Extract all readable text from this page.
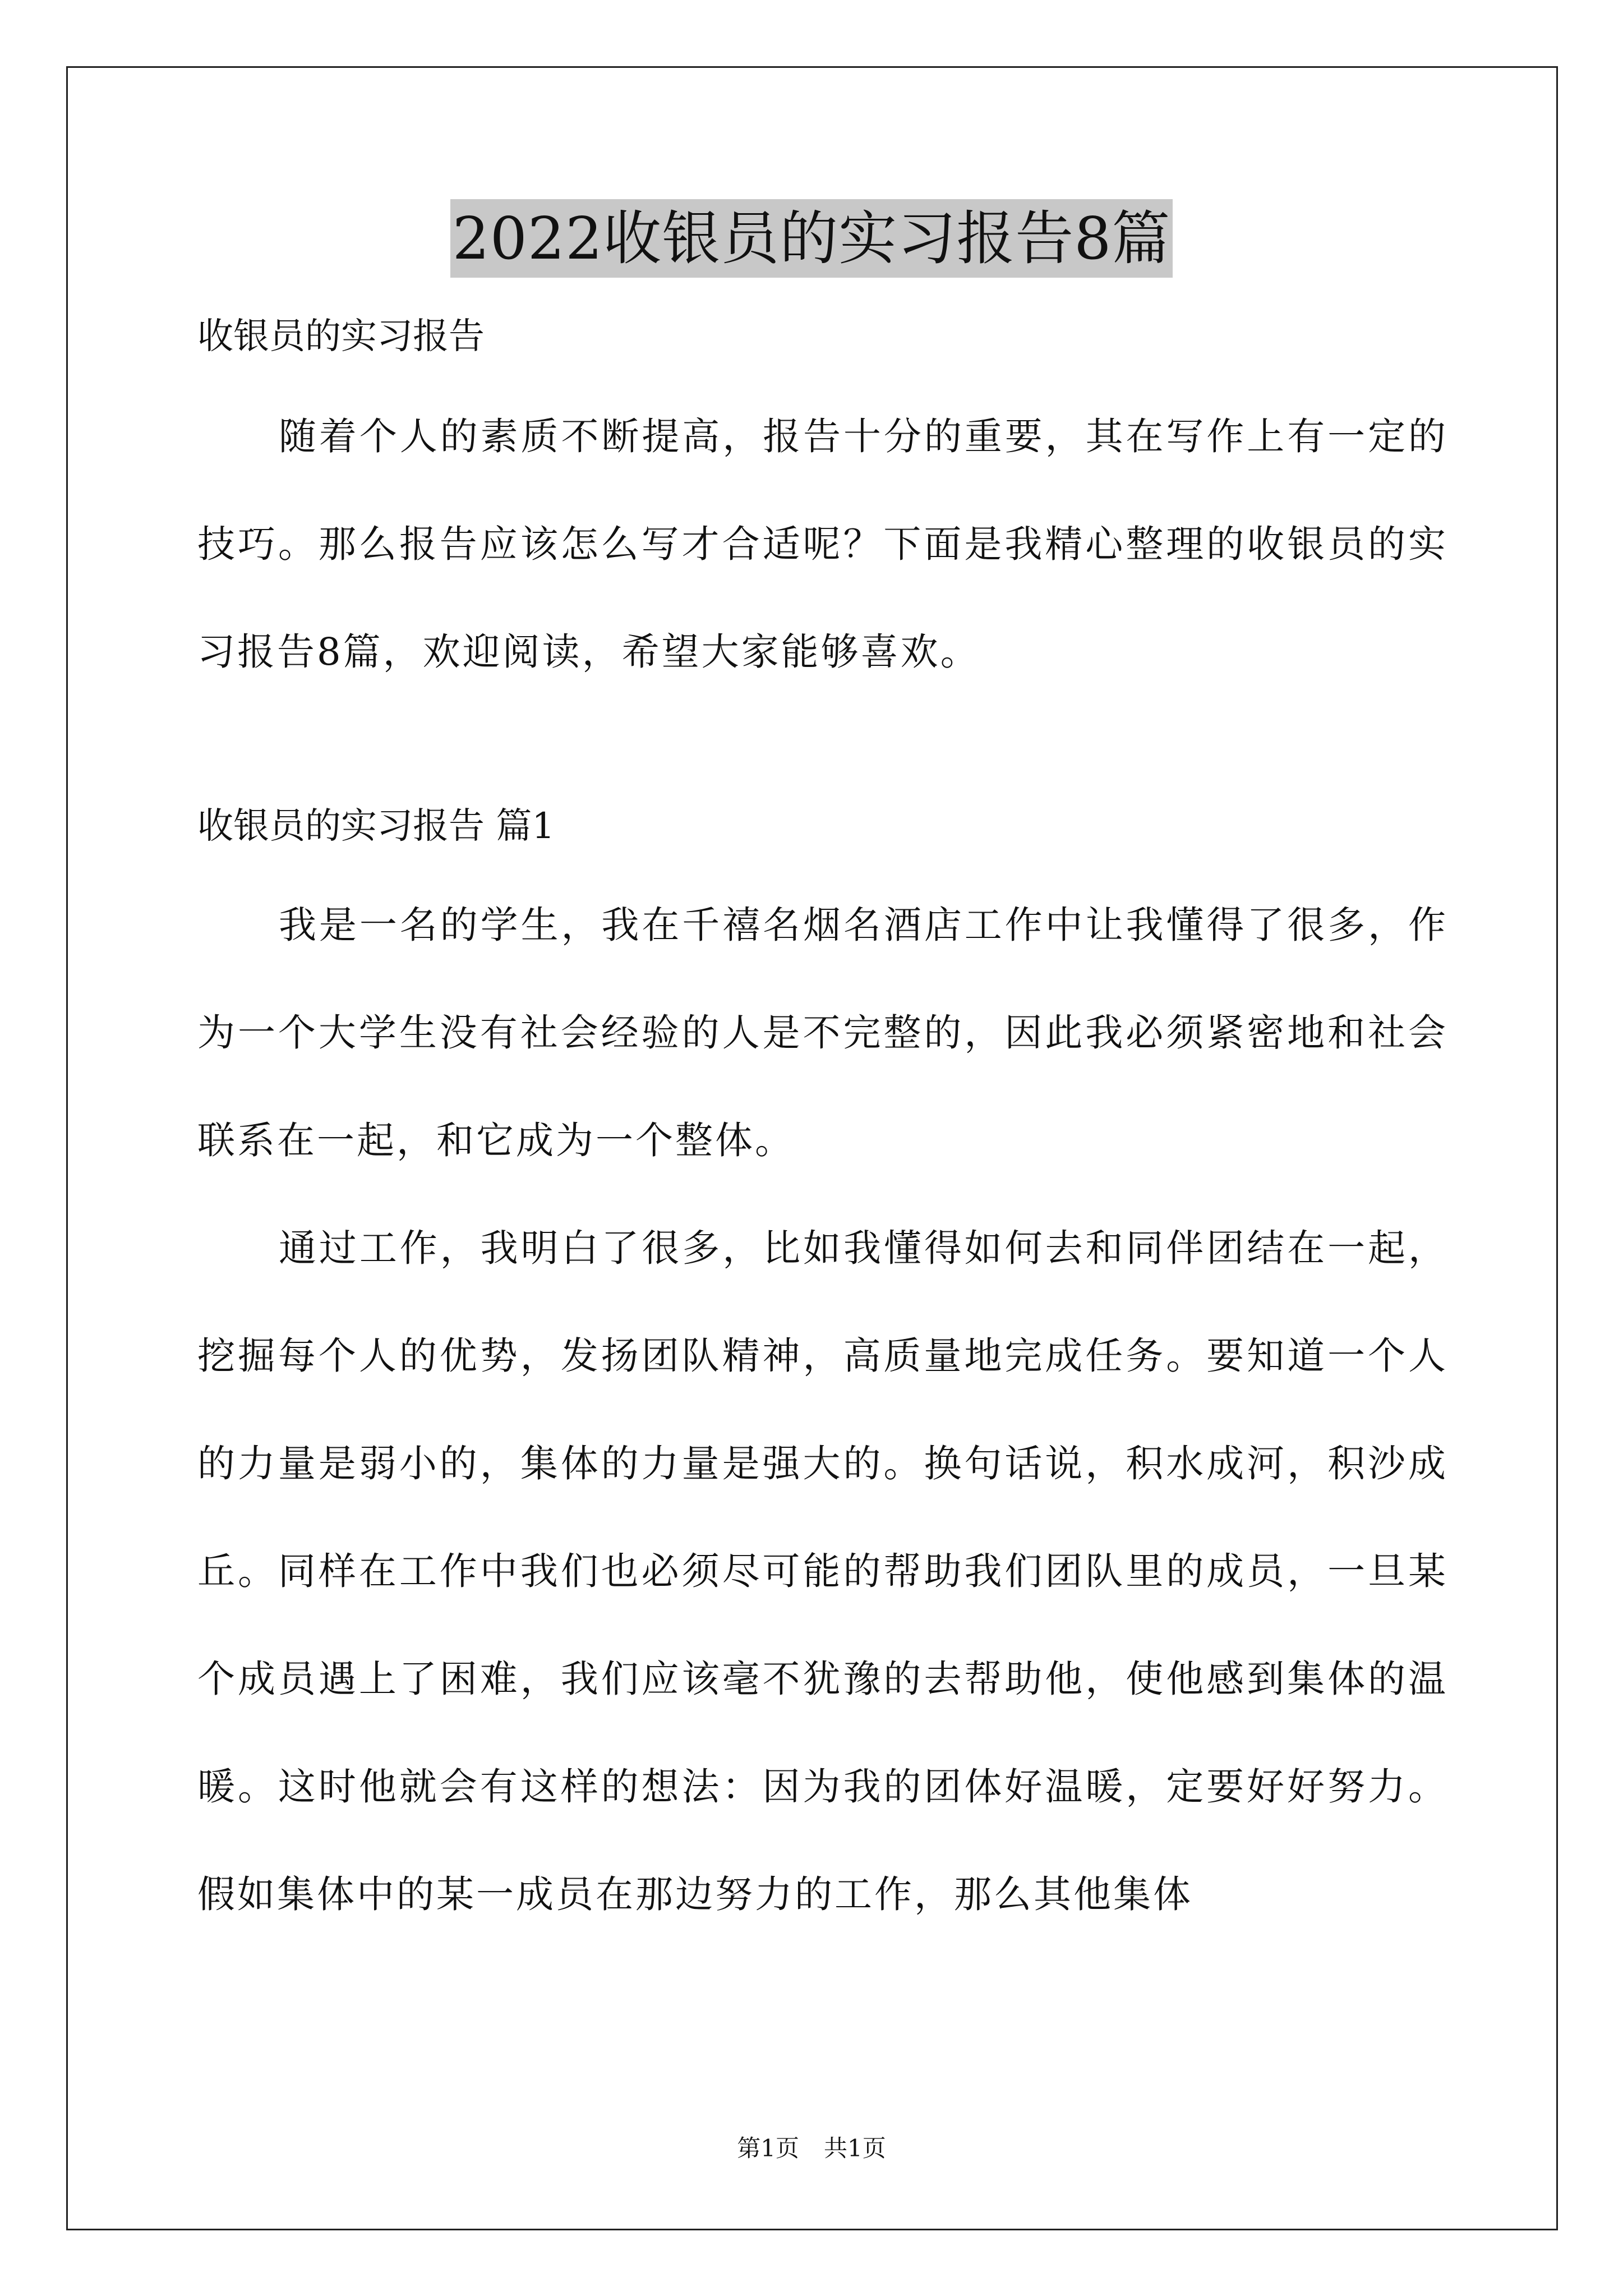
2022收银员的实习报告8篇

收银员的实习报告

随着个人的素质不断提高，报告十分的重要，其在写作上有一定的技巧。那么报告应该怎么写才合适呢？下面是我精心整理的收银员的实习报告8篇，欢迎阅读，希望大家能够喜欢。

收银员的实习报告 篇1

我是一名的学生，我在千禧名烟名酒店工作中让我懂得了很多，作为一个大学生没有社会经验的人是不完整的，因此我必须紧密地和社会联系在一起，和它成为一个整体。

通过工作，我明白了很多，比如我懂得如何去和同伴团结在一起，挖掘每个人的优势，发扬团队精神，高质量地完成任务。要知道一个人的力量是弱小的，集体的力量是强大的。换句话说，积水成河，积沙成丘。同样在工作中我们也必须尽可能的帮助我们团队里的成员，一旦某个成员遇上了困难，我们应该毫不犹豫的去帮助他，使他感到集体的温暖。这时他就会有这样的想法：因为我的团体好温暖，定要好好努力。假如集体中的某一成员在那边努力的工作，那么其他集体

第1页 共1页
